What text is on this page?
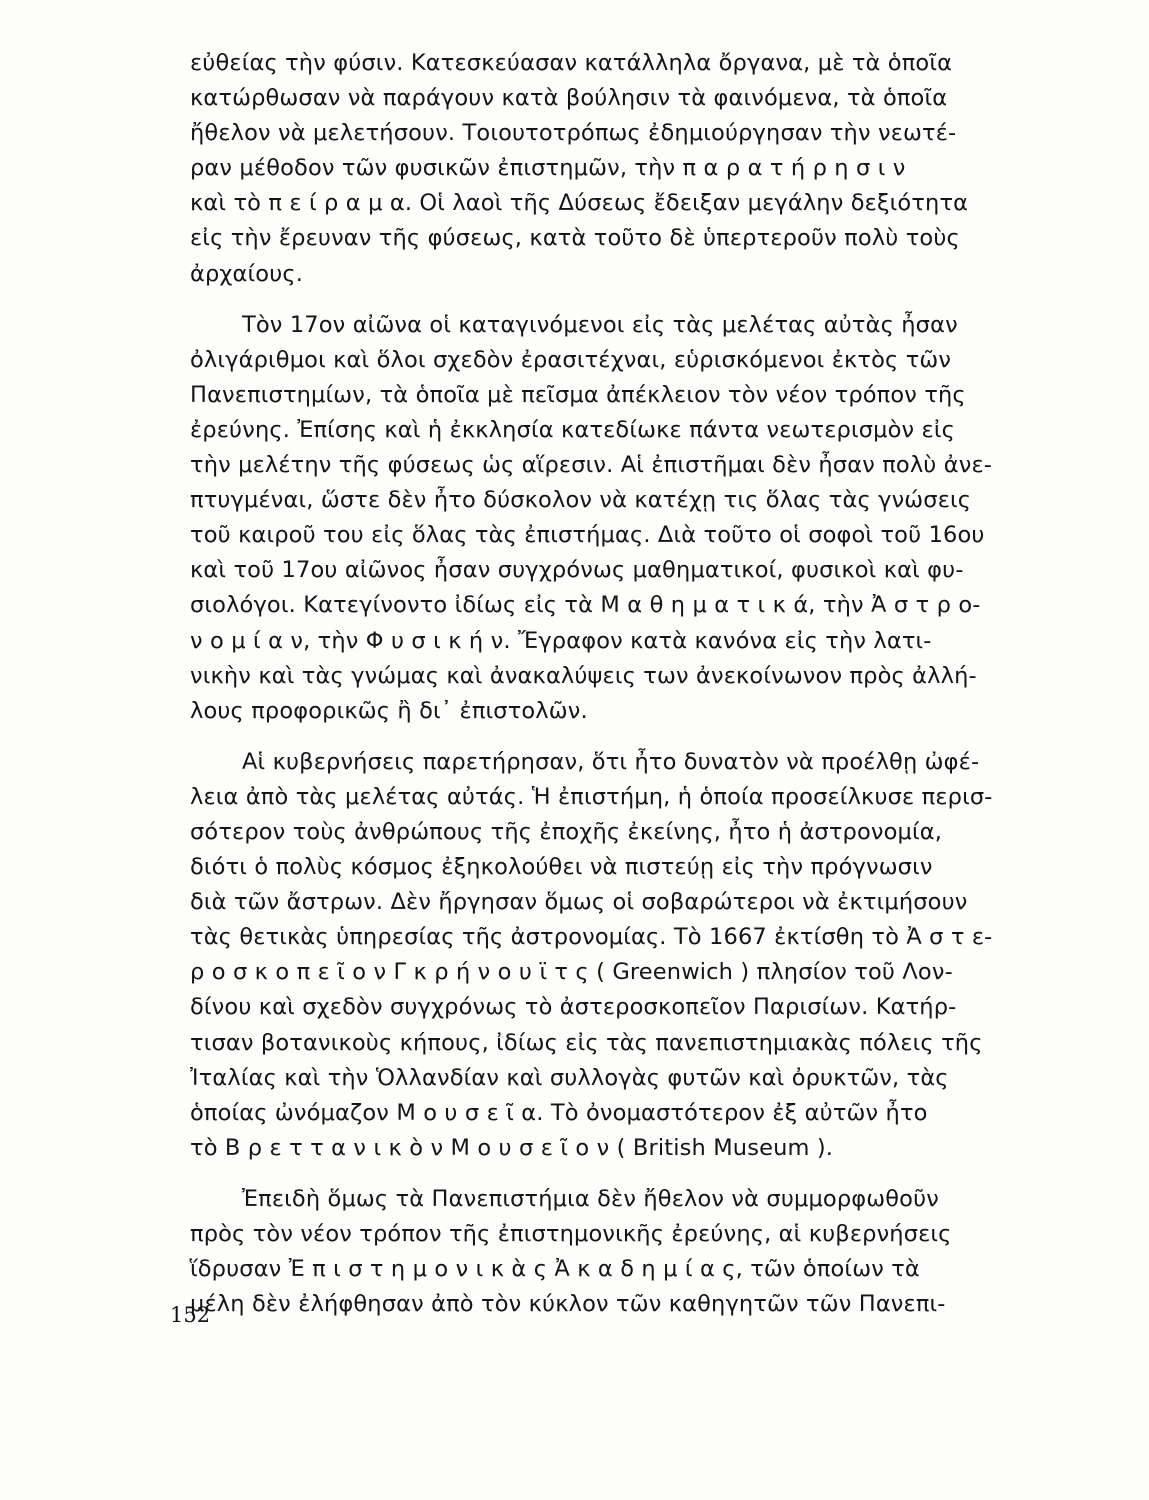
εὐθείας τὴν φύσιν. Κατεσκεύασαν κατάλληλα ὄργανα, μὲ τὰ ὁποῖα
κατώρθωσαν νὰ παράγουν κατὰ βούλησιν τὰ φαινόμενα, τὰ ὁποῖα
ἤθελον νὰ μελετήσουν. Τοιουτοτρόπως ἐδημιούργησαν τὴν νεωτέ-
ραν μέθοδον τῶν φυσικῶν ἐπιστημῶν, τὴν π α ρ α τ ή ρ η σ ι ν
καὶ τὸ π ε ί ρ α μ α. Οἱ λαοὶ τῆς Δύσεως ἔδειξαν μεγάλην δεξιότητα
εἰς τὴν ἔρευναν τῆς φύσεως, κατὰ τοῦτο δὲ ὑπερτεροῦν πολὺ τοὺς
ἀρχαίους.
Τὸν 17ον αἰῶνα οἱ καταγινόμενοι εἰς τὰς μελέτας αὐτὰς ἦσαν
ὀλιγάριθμοι καὶ ὅλοι σχεδὸν ἐρασιτέχναι, εὑρισκόμενοι ἐκτὸς τῶν
Πανεπιστημίων, τὰ ὁποῖα μὲ πεῖσμα ἀπέκλειον τὸν νέον τρόπον τῆς
ἐρεύνης. Ἐπίσης καὶ ἡ ἐκκλησία κατεδίωκε πάντα νεωτερισμὸν εἰς
τὴν μελέτην τῆς φύσεως ὡς αἵρεσιν. Αἱ ἐπιστῆμαι δὲν ἦσαν πολὺ ἀνε-
πτυγμέναι, ὥστε δὲν ἦτο δύσκολον νὰ κατέχῃ τις ὅλας τὰς γνώσεις
τοῦ καιροῦ του εἰς ὅλας τὰς ἐπιστήμας. Διὰ τοῦτο οἱ σοφοὶ τοῦ 16ου
καὶ τοῦ 17ου αἰῶνος ἦσαν συγχρόνως μαθηματικοί, φυσικοὶ καὶ φυ-
σιολόγοι. Κατεγίνοντο ἰδίως εἰς τὰ Μ α θ η μ α τ ι κ ά, τὴν Ἀ σ τ ρ ο-
ν ο μ ί α ν, τὴν Φ υ σ ι κ ή ν. Ἔγραφον κατὰ κανόνα εἰς τὴν λατι-
νικὴν καὶ τὰς γνώμας καὶ ἀνακαλύψεις των ἀνεκοίνωνον πρὸς ἀλλή-
λους προφορικῶς ἢ δι᾽ ἐπιστολῶν.
Αἱ κυβερνήσεις παρετήρησαν, ὅτι ἦτο δυνατὸν νὰ προέλθῃ ὠφέ-
λεια ἀπὸ τὰς μελέτας αὐτάς. Ἡ ἐπιστήμη, ἡ ὁποία προσείλκυσε περισ-
σότερον τοὺς ἀνθρώπους τῆς ἐποχῆς ἐκείνης, ἦτο ἡ ἀστρονομία,
διότι ὁ πολὺς κόσμος ἐξηκολούθει νὰ πιστεύῃ εἰς τὴν πρόγνωσιν
διὰ τῶν ἄστρων. Δὲν ἤργησαν ὅμως οἱ σοβαρώτεροι νὰ ἐκτιμήσουν
τὰς θετικὰς ὑπηρεσίας τῆς ἀστρονομίας. Τὸ 1667 ἐκτίσθη τὸ Ἀ σ τ ε-
ρ ο σ κ ο π ε ῖ ο ν Γ κ ρ ή ν ο υ ϊ τ ς ( Greenwich ) πλησίον τοῦ Λον-
δίνου καὶ σχεδὸν συγχρόνως τὸ ἀστεροσκοπεῖον Παρισίων. Κατήρ-
τισαν βοτανικοὺς κήπους, ἰδίως εἰς τὰς πανεπιστημιακὰς πόλεις τῆς
Ἰταλίας καὶ τὴν Ὁλλανδίαν καὶ συλλογὰς φυτῶν καὶ ὀρυκτῶν, τὰς
ὁποίας ὠνόμαζον Μ ο υ σ ε ῖ α. Τὸ ὀνομαστότερον ἐξ αὐτῶν ἦτο
τὸ Β ρ ε τ τ α ν ι κ ὸ ν Μ ο υ σ ε ῖ ο ν ( British Museum ).
Ἐπειδὴ ὅμως τὰ Πανεπιστήμια δὲν ἤθελον νὰ συμμορφωθοῦν
πρὸς τὸν νέον τρόπον τῆς ἐπιστημονικῆς ἐρεύνης, αἱ κυβερνήσεις
ἵδρυσαν Ἐ π ι σ τ η μ ο ν ι κ ὰ ς Ἀ κ α δ η μ ί α ς, τῶν ὁποίων τὰ
μέλη δὲν ἐλήφθησαν ἀπὸ τὸν κύκλον τῶν καθηγητῶν τῶν Πανεπι-
152
